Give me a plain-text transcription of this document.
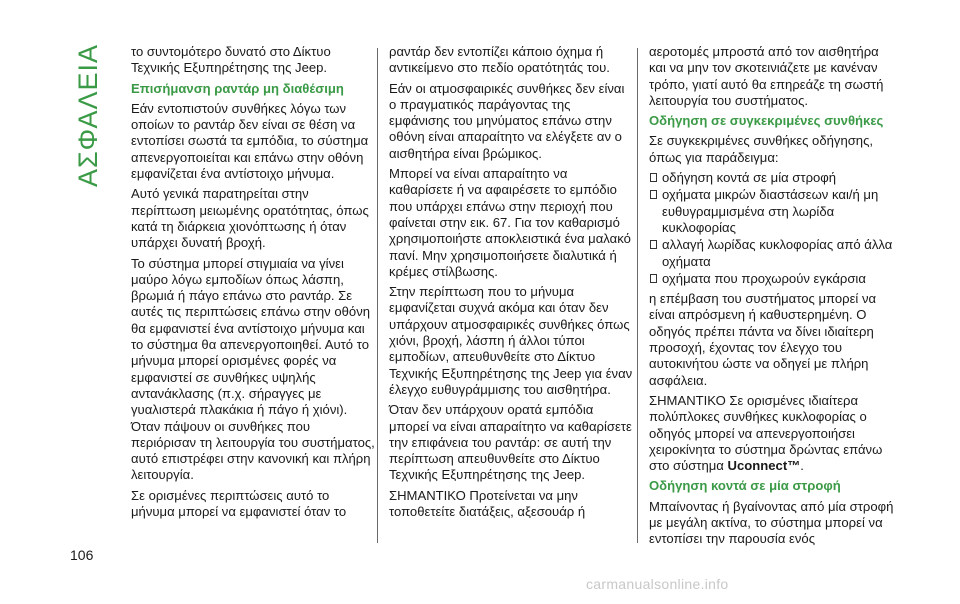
ΑΣΦΑΛΕΙΑ το συντομότερο δυνατό στο Δίκτυο Τεχνικής Εξυπηρέτησης της Jeep.

Επισήμανση ραντάρ μη διαθέσιμη

Εάν εντοπιστούν συνθήκες λόγω των οποίων το ραντάρ δεν είναι σε θέση να εντοπίσει σωστά τα εμπόδια, το σύστημα απενεργοποιείται και επάνω στην οθόνη εμφανίζεται ένα αντίστοιχο μήνυμα.

Αυτό γενικά παρατηρείται στην περίπτωση μειωμένης ορατότητας, όπως κατά τη διάρκεια χιονόπτωσης ή όταν υπάρχει δυνατή βροχή.

Το σύστημα μπορεί στιγμιαία να γίνει μαύρο λόγω εμποδίων όπως λάσπη, βρωμιά ή πάγο επάνω στο ραντάρ. Σε αυτές τις περιπτώσεις επάνω στην οθόνη θα εμφανιστεί ένα αντίστοιχο μήνυμα και το σύστημα θα απενεργοποιηθεί. Αυτό το μήνυμα μπορεί ορισμένες φορές να εμφανιστεί σε συνθήκες υψηλής αντανάκλασης (π.χ. σήραγγες με γυαλιστερά πλακάκια ή πάγο ή χιόνι). Όταν πάψουν οι συνθήκες που περιόρισαν τη λειτουργία του συστήματος, αυτό επιστρέφει στην κανονική και πλήρη λειτουργία.

Σε ορισμένες περιπτώσεις αυτό το μήνυμα μπορεί να εμφανιστεί όταν το

ραντάρ δεν εντοπίζει κάποιο όχημα ή αντικείμενο στο πεδίο ορατότητάς του.

Εάν οι ατμοσφαιρικές συνθήκες δεν είναι ο πραγματικός παράγοντας της εμφάνισης του μηνύματος επάνω στην οθόνη είναι απαραίτητο να ελέγξετε αν ο αισθητήρα είναι βρώμικος.

Μπορεί να είναι απαραίτητο να καθαρίσετε ή να αφαιρέσετε το εμπόδιο που υπάρχει επάνω στην περιοχή που φαίνεται στην εικ. 67. Για τον καθαρισμό χρησιμοποιήστε αποκλειστικά ένα μαλακό πανί. Μην χρησιμοποιήσετε διαλυτικά ή κρέμες στίλβωσης.

Στην περίπτωση που το μήνυμα εμφανίζεται συχνά ακόμα και όταν δεν υπάρχουν ατμοσφαιρικές συνθήκες όπως χιόνι, βροχή, λάσπη ή άλλοι τύποι εμποδίων, απευθυνθείτε στο Δίκτυο Τεχνικής Εξυπηρέτησης της Jeep για έναν έλεγχο ευθυγράμμισης του αισθητήρα.

Όταν δεν υπάρχουν ορατά εμπόδια μπορεί να είναι απαραίτητο να καθαρίσετε την επιφάνεια του ραντάρ: σε αυτή την περίπτωση απευθυνθείτε στο Δίκτυο Τεχνικής Εξυπηρέτησης της Jeep.

ΣΗΜΑΝΤΙΚΟ Προτείνεται να μην τοποθετείτε διατάξεις, αξεσουάρ ή

αεροτομές μπροστά από τον αισθητήρα και να μην τον σκοτεινιάζετε με κανέναν τρόπο, γιατί αυτό θα επηρεάζε τη σωστή λειτουργία του συστήματος.

Οδήγηση σε συγκεκριμένες συνθήκες

Σε συγκεκριμένες συνθήκες οδήγησης, όπως για παράδειγμα:

οδήγηση κοντά σε μία στροφή
οχήματα μικρών διαστάσεων και/ή μη ευθυγραμμισμένα στη λωρίδα κυκλοφορίας
αλλαγή λωρίδας κυκλοφορίας από άλλα οχήματα
οχήματα που προχωρούν εγκάρσια

η επέμβαση του συστήματος μπορεί να είναι απρόσμενη ή καθυστερημένη. Ο οδηγός πρέπει πάντα να δίνει ιδιαίτερη προσοχή, έχοντας τον έλεγχο του αυτοκινήτου ώστε να οδηγεί με πλήρη ασφάλεια.

ΣΗΜΑΝΤΙΚΟ Σε ορισμένες ιδιαίτερα πολύπλοκες συνθήκες κυκλοφορίας ο οδηγός μπορεί να απενεργοποιήσει χειροκίνητα το σύστημα δρώντας επάνω στο σύστημα Uconnect™.

Οδήγηση κοντά σε μία στροφή

Μπαίνοντας ή βγαίνοντας από μία στροφή με μεγάλη ακτίνα, το σύστημα μπορεί να εντοπίσει την παρουσία ενός

106
carmanualsonline.info
